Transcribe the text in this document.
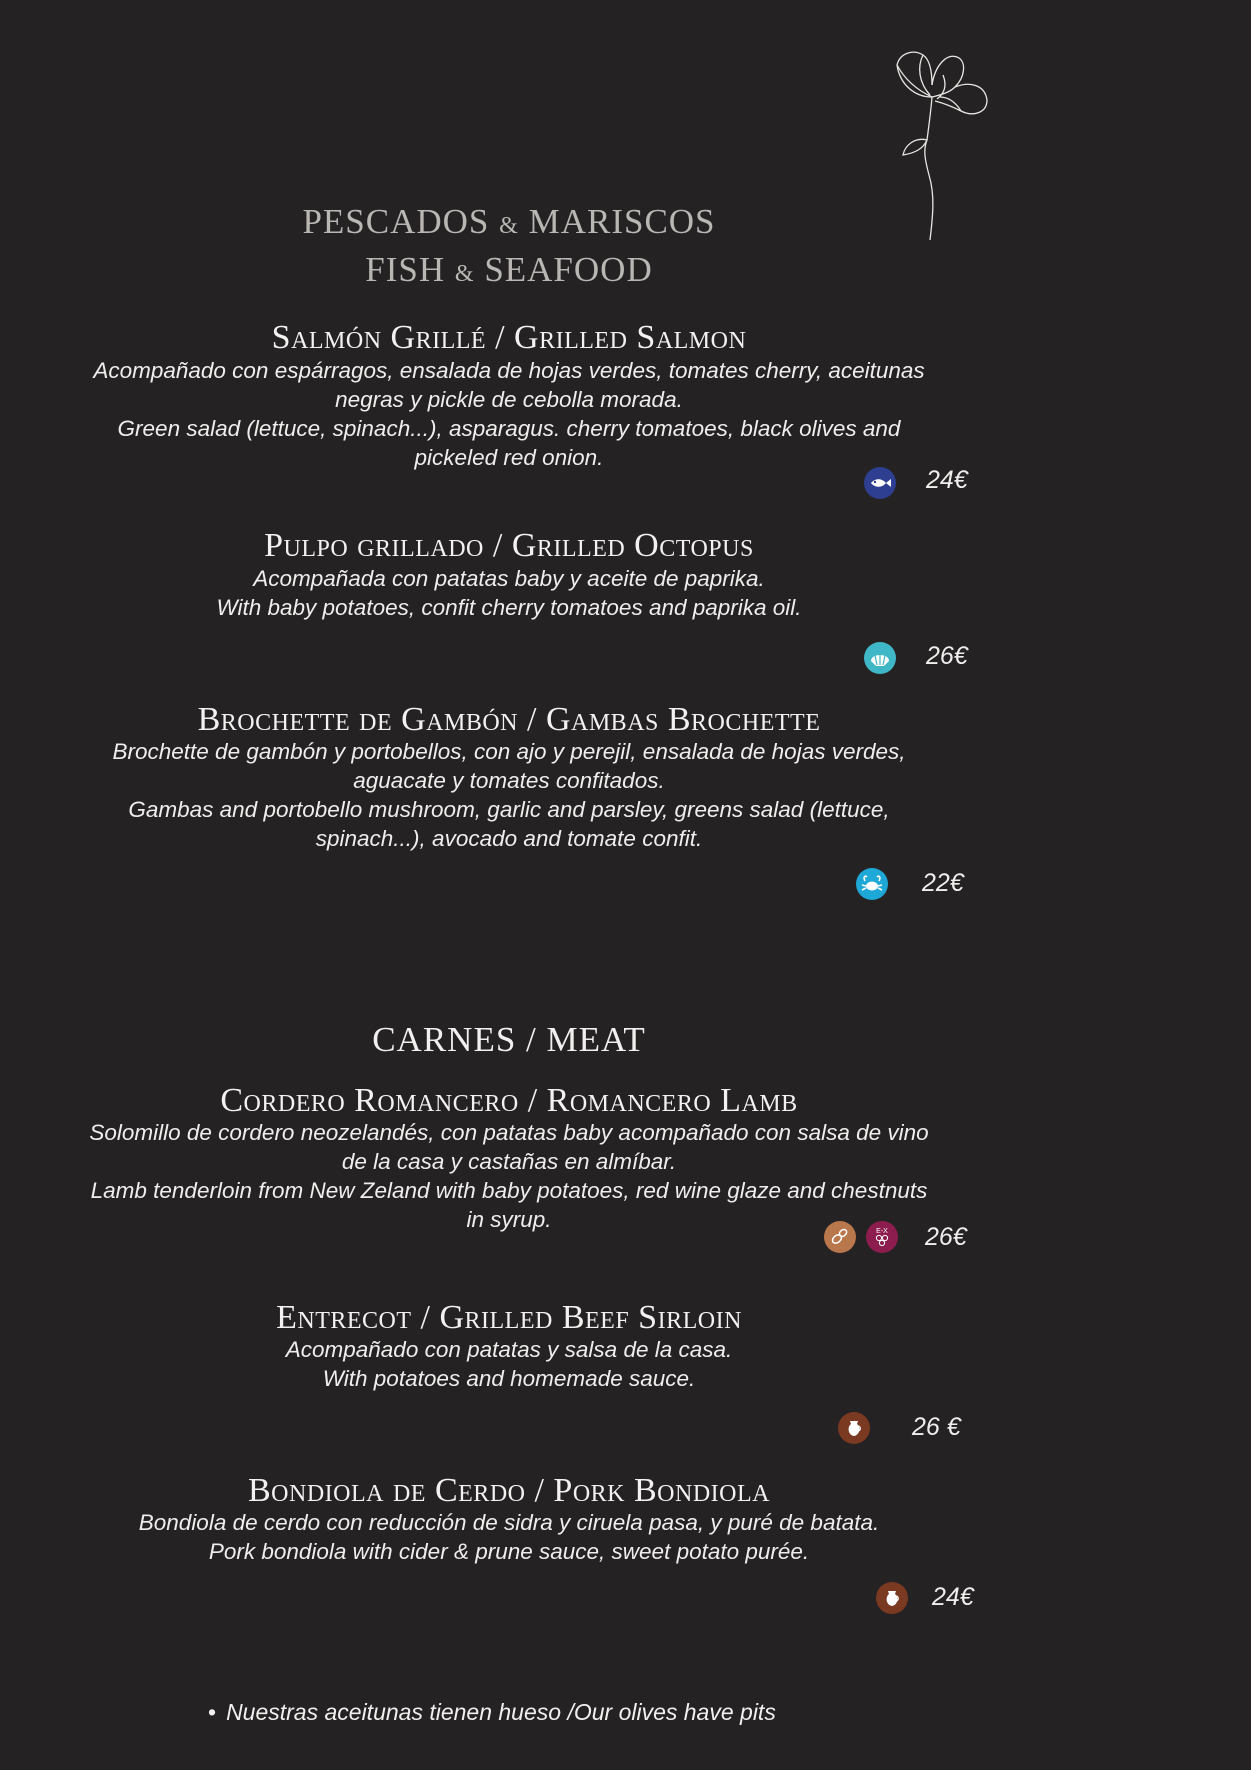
PESCADOS & MARISCOS
FISH & SEAFOOD
Salmón Grillé / Grilled Salmon
Acompañado con espárragos, ensalada de hojas verdes, tomates cherry, aceitunas
negras y pickle de cebolla morada.
Green salad (lettuce, spinach...), asparagus. cherry tomatoes, black olives and
pickeled red onion.
24€
Pulpo grillado / Grilled Octopus
Acompañada con patatas baby y aceite de paprika.
With baby potatoes, confit cherry tomatoes and paprika oil.
26€
Brochette de Gambón / Gambas Brochette
Brochette de gambón y portobellos, con ajo y perejil, ensalada de hojas verdes,
aguacate y tomates confitados.
Gambas and portobello mushroom, garlic and parsley, greens salad (lettuce,
spinach...), avocado and tomate confit.
22€
CARNES / MEAT
Cordero Romancero / Romancero Lamb
Solomillo de cordero neozelandés, con patatas baby acompañado con salsa de vino
de la casa y castañas en almíbar.
Lamb tenderloin from New Zeland with baby potatoes, red wine glaze and chestnuts
in syrup.	E-X 26€
Entrecot / Grilled Beef Sirloin
Acompañado con patatas y salsa de la casa.
With potatoes and homemade sauce.
26 €
Bondiola de Cerdo / Pork Bondiola
Bondiola de cerdo con reducción de sidra y ciruela pasa, y puré de batata.
Pork bondiola with cider & prune sauce, sweet potato purée.
24€
• Nuestras aceitunas tienen hueso /Our olives have pits
